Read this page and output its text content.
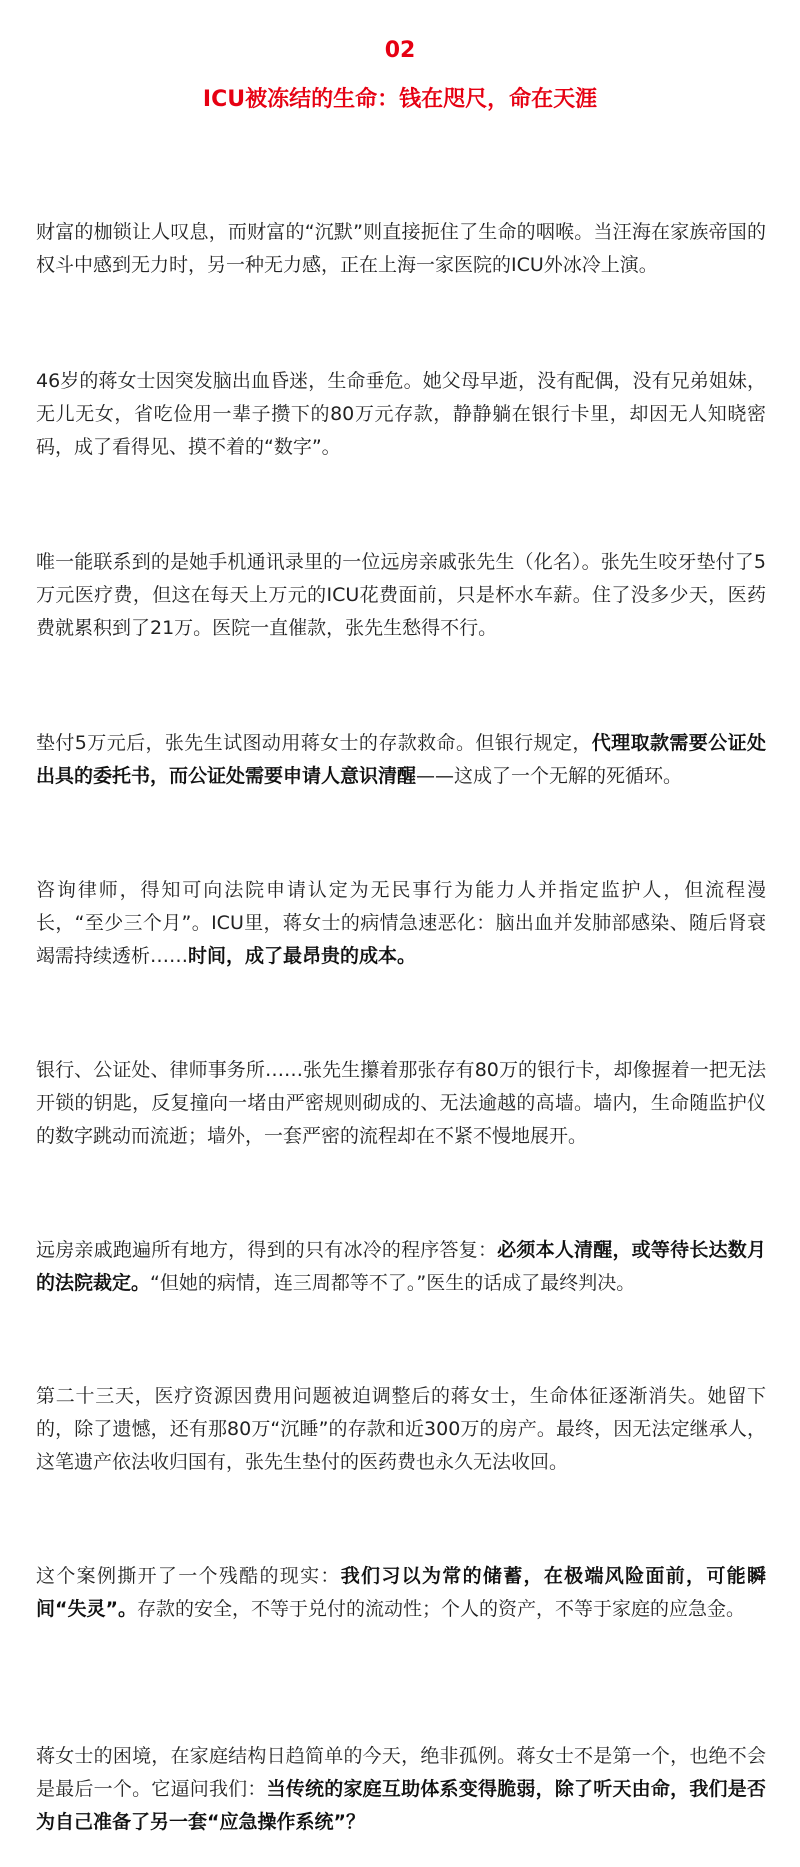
02
ICU被冻结的生命：钱在咫尺，命在天涯

财富的枷锁让人叹息，而财富的“沉默”则直接扼住了生命的咽喉。当汪海在家族帝国的权斗中感到无力时，另一种无力感，正在上海一家医院的ICU外冰冷上演。

46岁的蒋女士因突发脑出血昏迷，生命垂危。她父母早逝，没有配偶，没有兄弟姐妹，无儿无女，省吃俭用一辈子攒下的80万元存款，静静躺在银行卡里，却因无人知晓密码，成了看得见、摸不着的“数字”。

唯一能联系到的是她手机通讯录里的一位远房亲戚张先生（化名）。张先生咬牙垫付了5万元医疗费，但这在每天上万元的ICU花费面前，只是杯水车薪。住了没多少天，医药费就累积到了21万。医院一直催款，张先生愁得不行。

垫付5万元后，张先生试图动用蒋女士的存款救命。但银行规定，代理取款需要公证处出具的委托书，而公证处需要申请人意识清醒——这成了一个无解的死循环。

咨询律师，得知可向法院申请认定为无民事行为能力人并指定监护人，但流程漫长，“至少三个月”。ICU里，蒋女士的病情急速恶化：脑出血并发肺部感染、随后肾衰竭需持续透析……时间，成了最昂贵的成本。

银行、公证处、律师事务所……张先生攥着那张存有80万的银行卡，却像握着一把无法开锁的钥匙，反复撞向一堵由严密规则砌成的、无法逾越的高墙。墙内，生命随监护仪的数字跳动而流逝；墙外，一套严密的流程却在不紧不慢地展开。

远房亲戚跑遍所有地方，得到的只有冰冷的程序答复：必须本人清醒，或等待长达数月的法院裁定。“但她的病情，连三周都等不了。”医生的话成了最终判决。

第二十三天，医疗资源因费用问题被迫调整后的蒋女士，生命体征逐渐消失。她留下的，除了遗憾，还有那80万“沉睡”的存款和近300万的房产。最终，因无法定继承人，这笔遗产依法收归国有，张先生垫付的医药费也永久无法收回。

这个案例撕开了一个残酷的现实：我们习以为常的储蓄，在极端风险面前，可能瞬间“失灵”。存款的安全，不等于兑付的流动性；个人的资产，不等于家庭的应急金。

蒋女士的困境，在家庭结构日趋简单的今天，绝非孤例。蒋女士不是第一个，也绝不会是最后一个。它逼问我们：当传统的家庭互助体系变得脆弱，除了听天由命，我们是否为自己准备了另一套“应急操作系统”？
